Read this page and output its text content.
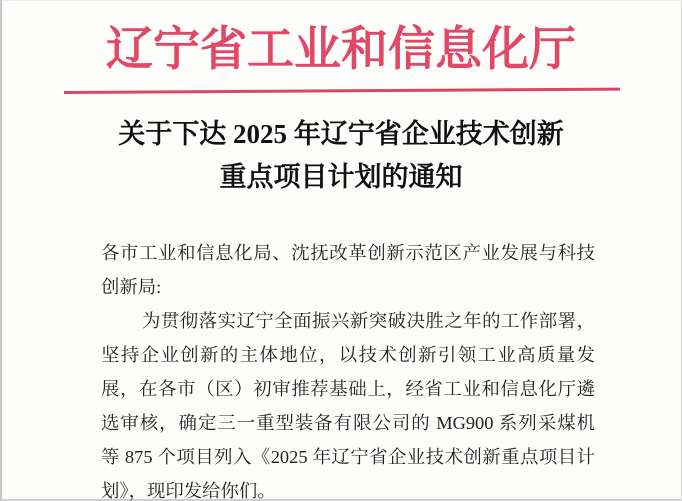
辽宁省工业和信息化厅
关于下达 2025 年辽宁省企业技术创新
重点项目计划的通知
各市工业和信息化局、沈抚改革创新示范区产业发展与科技
创新局:
为贯彻落实辽宁全面振兴新突破决胜之年的工作部署，
坚持企业创新的主体地位，以技术创新引领工业高质量发
展，在各市（区）初审推荐基础上，经省工业和信息化厅遴
选审核，确定三一重型装备有限公司的 MG900 系列采煤机
等 875 个项目列入《2025 年辽宁省企业技术创新重点项目计
划》，现印发给你们。
